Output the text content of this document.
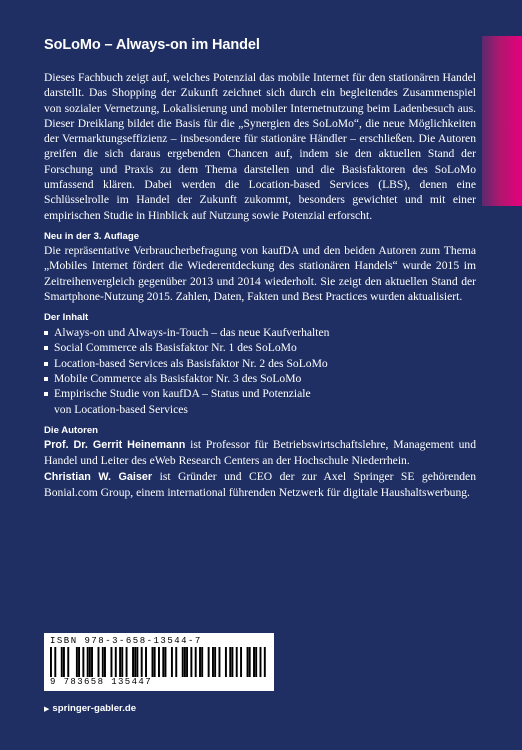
SoLoMo – Always-on im Handel

Dieses Fachbuch zeigt auf, welches Potenzial das mobile Internet für den stationären Handel darstellt. Das Shopping der Zukunft zeichnet sich durch ein begleitendes Zusammenspiel von sozialer Vernetzung, Lokalisierung und mobiler Internetnutzung beim Ladenbesuch aus. Dieser Dreiklang bildet die Basis für die „Synergien des SoLoMo“, die neue Möglichkeiten der Vermarktungseffizienz – insbesondere für stationäre Händler – erschließen. Die Autoren greifen die sich daraus ergebenden Chancen auf, indem sie den aktuellen Stand der Forschung und Praxis zu dem Thema darstellen und die Basisfaktoren des SoLoMo umfassend klären. Dabei werden die Location-based Services (LBS), denen eine Schlüsselrolle im Handel der Zukunft zukommt, besonders gewichtet und mit einer empirischen Studie in Hinblick auf Nutzung sowie Potenzial erforscht.

Neu in der 3. Auflage

Die repräsentative Verbraucherbefragung von kaufDA und den beiden Autoren zum Thema „Mobiles Internet fördert die Wiederentdeckung des stationären Handels“ wurde 2015 im Zeitreihenvergleich gegenüber 2013 und 2014 wiederholt. Sie zeigt den aktuellen Stand der Smartphone-Nutzung 2015. Zahlen, Daten, Fakten und Best Practices wurden aktualisiert.

Der Inhalt
Always-on und Always-in-Touch – das neue Kaufverhalten
Social Commerce als Basisfaktor Nr. 1 des SoLoMo
Location-based Services als Basisfaktor Nr. 2 des SoLoMo
Mobile Commerce als Basisfaktor Nr. 3 des SoLoMo
Empirische Studie von kaufDA – Status und Potenziale
von Location-based Services
Die Autoren

Prof. Dr. Gerrit Heinemann ist Professor für Betriebswirtschaftslehre, Management und Handel und Leiter des eWeb Research Centers an der Hochschule Niederrhein.

Christian W. Gaiser ist Gründer und CEO der zur Axel Springer SE gehörenden Bonial.com Group, einem international führenden Netzwerk für digitale Haushaltswerbung.

ISBN 978-3-658-13544-7
9 783658 135447
▶ springer-gabler.de
